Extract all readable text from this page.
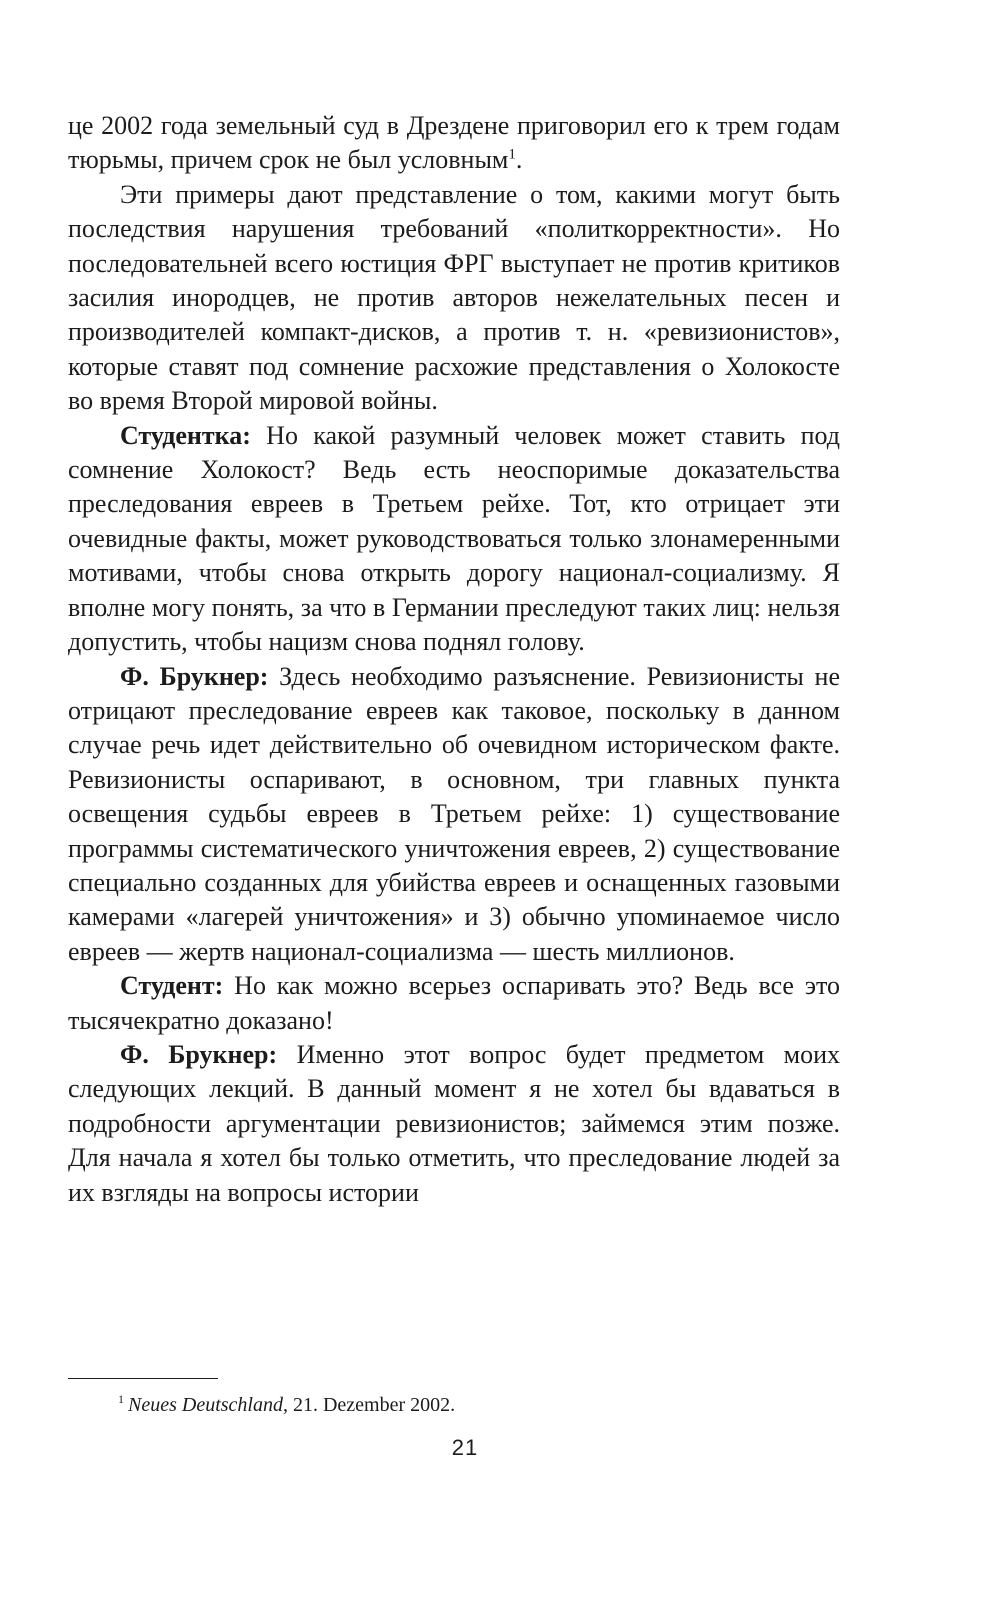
це 2002 года земельный суд в Дрездене приговорил его к трем годам тюрьмы, причем срок не был условным$^1$.

Эти примеры дают представление о том, какими могут быть последствия нарушения требований «политкорректности». Но последовательней всего юстиция ФРГ выступает не против критиков засилия инородцев, не против авторов нежелательных песен и производителей компакт-дисков, а против т. н. «ревизионистов», которые ставят под сомнение расхожие представления о Холокосте во время Второй мировой войны.

Студентка: Но какой разумный человек может ставить под сомнение Холокост? Ведь есть неоспоримые доказательства преследования евреев в Третьем рейхе. Тот, кто отрицает эти очевидные факты, может руководствоваться только злонамеренными мотивами, чтобы снова открыть дорогу национал-социализму. Я вполне могу понять, за что в Германии преследуют таких лиц: нельзя допустить, чтобы нацизм снова поднял голову.

Ф. Брукнер: Здесь необходимо разъяснение. Ревизионисты не отрицают преследование евреев как таковое, поскольку в данном случае речь идет действительно об очевидном историческом факте. Ревизионисты оспаривают, в основном, три главных пункта освещения судьбы евреев в Третьем рейхе: 1) существование программы систематического уничтожения евреев, 2) существование специально созданных для убийства евреев и оснащенных газовыми камерами «лагерей уничтожения» и 3) обычно упоминаемое число евреев — жертв национал-социализма — шесть миллионов.

Студент: Но как можно всерьез оспаривать это? Ведь все это тысячекратно доказано!

Ф. Брукнер: Именно этот вопрос будет предметом моих следующих лекций. В данный момент я не хотел бы вдаваться в подробности аргументации ревизионистов; займемся этим позже. Для начала я хотел бы только отметить, что преследование людей за их взгляды на вопросы истории

$^1$ Neues Deutschland, 21. Dezember 2002.
21
